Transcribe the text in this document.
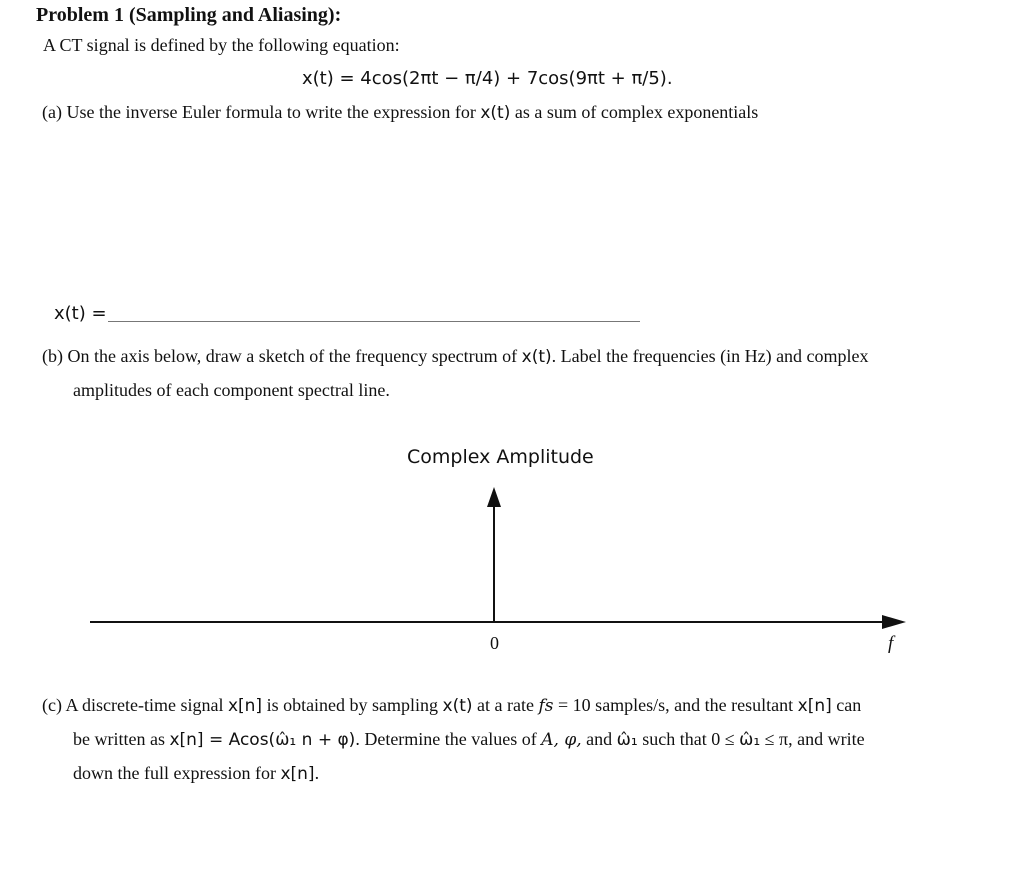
Problem 1 (Sampling and Aliasing):
A CT signal is defined by the following equation:
x(t) = 4cos(2πt − π/4) + 7cos(9πt + π/5).
(a) Use the inverse Euler formula to write the expression for x(t) as a sum of complex exponentials
x(t) =
(b) On the axis below, draw a sketch of the frequency spectrum of x(t). Label the frequencies (in Hz) and complex
amplitudes of each component spectral line.
Complex Amplitude
0	f
(c) A discrete-time signal x[n] is obtained by sampling x(t) at a rate fs = 10 samples/s, and the resultant x[n] can
be written as x[n] = Acos(ω̂₁ n + φ). Determine the values of A, φ, and ω̂₁ such that 0 ≤ ω̂₁ ≤ π, and write
down the full expression for x[n].
